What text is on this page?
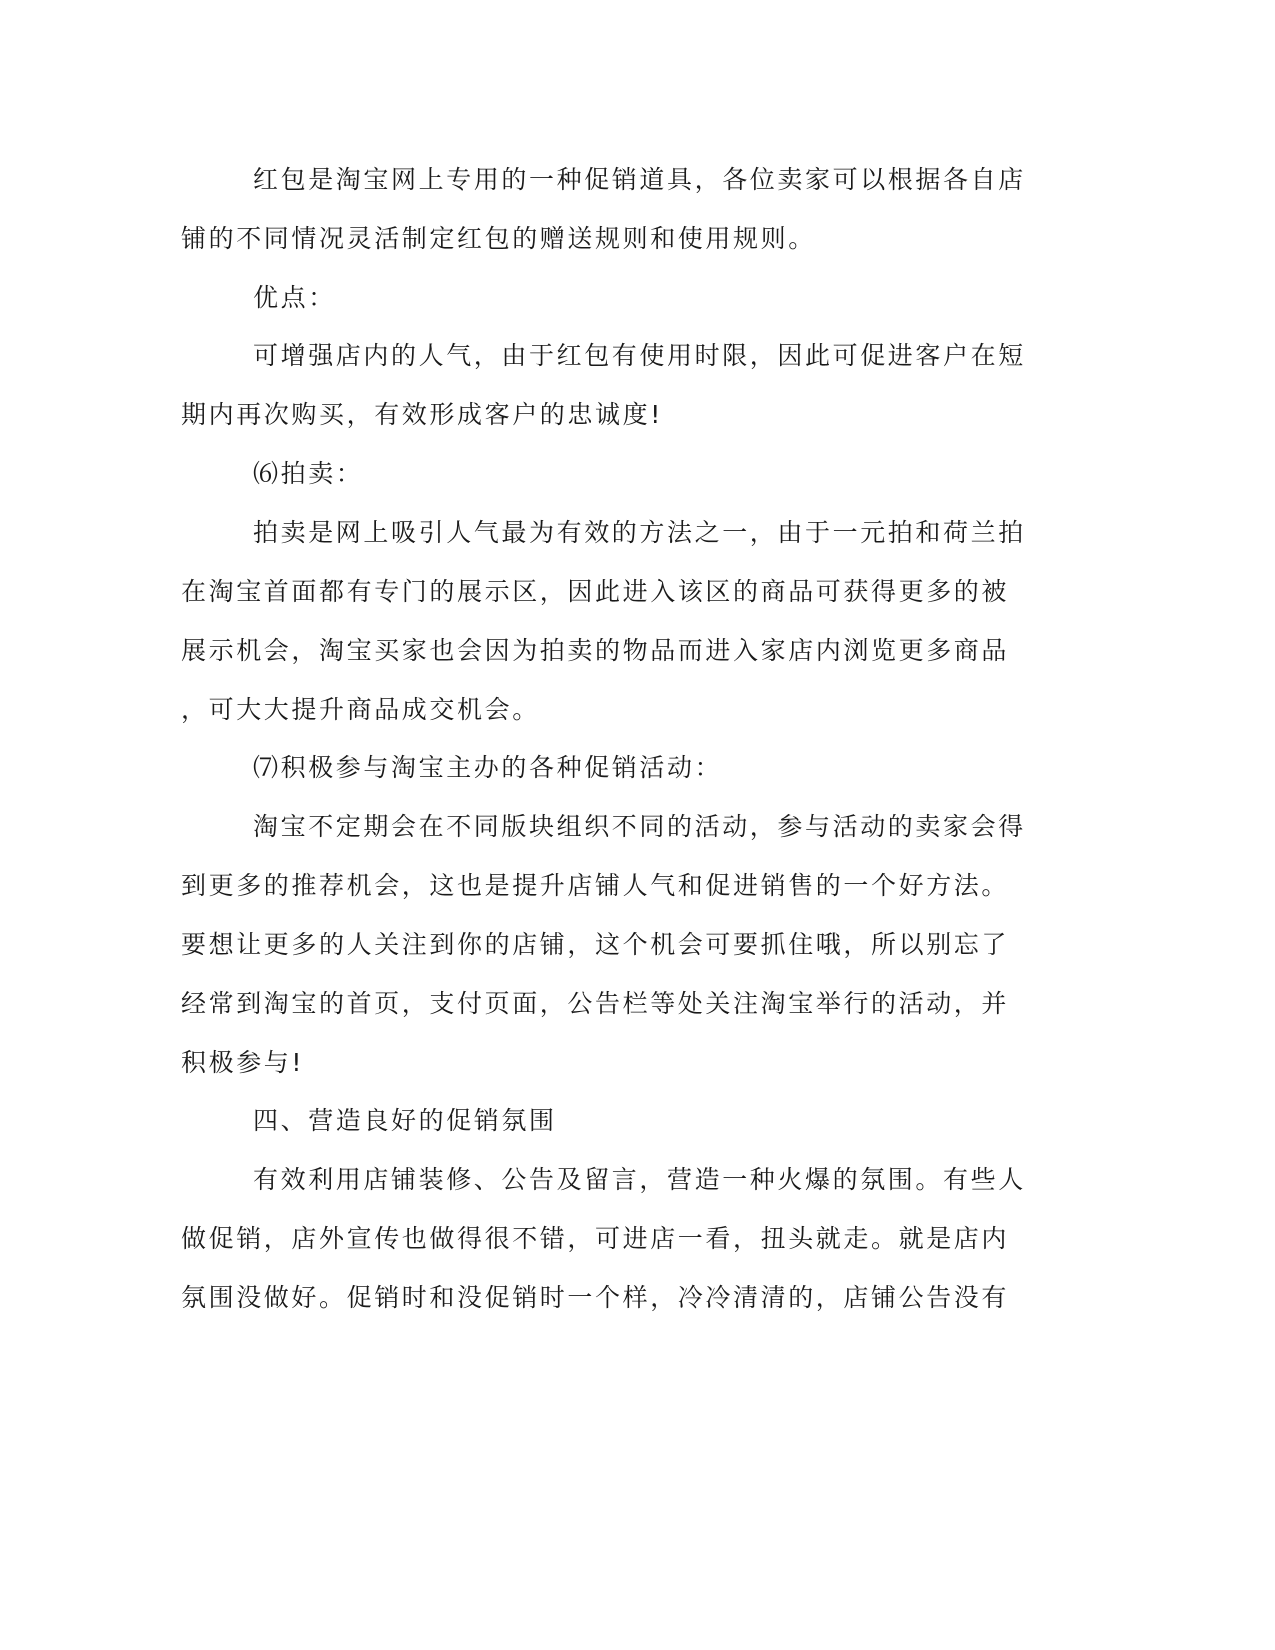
红包是淘宝网上专用的一种促销道具，各位卖家可以根据各自店
铺的不同情况灵活制定红包的赠送规则和使用规则。
优点：
可增强店内的人气，由于红包有使用时限，因此可促进客户在短
期内再次购买，有效形成客户的忠诚度!
⑹拍卖：
拍卖是网上吸引人气最为有效的方法之一，由于一元拍和荷兰拍
在淘宝首面都有专门的展示区，因此进入该区的商品可获得更多的被
展示机会，淘宝买家也会因为拍卖的物品而进入家店内浏览更多商品
，可大大提升商品成交机会。
⑺积极参与淘宝主办的各种促销活动：
淘宝不定期会在不同版块组织不同的活动，参与活动的卖家会得
到更多的推荐机会，这也是提升店铺人气和促进销售的一个好方法。
要想让更多的人关注到你的店铺，这个机会可要抓住哦，所以别忘了
经常到淘宝的首页，支付页面，公告栏等处关注淘宝举行的活动，并
积极参与!
四、营造良好的促销氛围
有效利用店铺装修、公告及留言，营造一种火爆的氛围。有些人
做促销，店外宣传也做得很不错，可进店一看，扭头就走。就是店内
氛围没做好。促销时和没促销时一个样，冷冷清清的，店铺公告没有
